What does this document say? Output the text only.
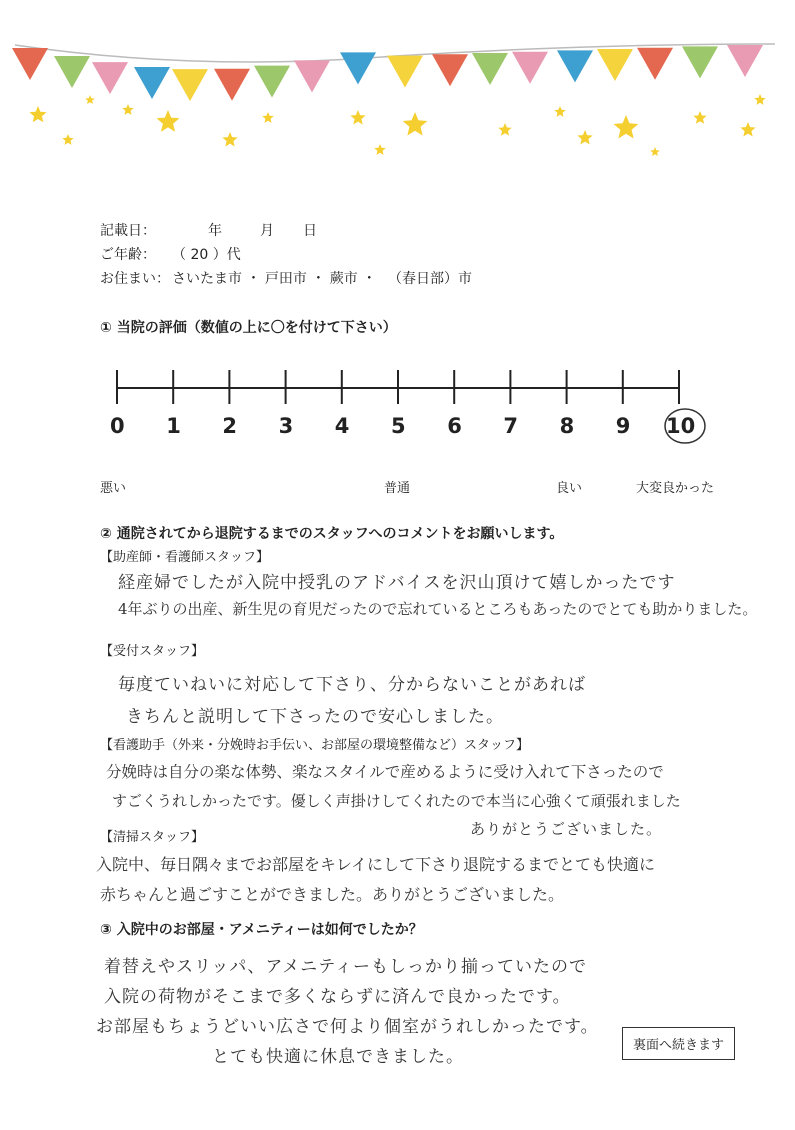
記載日：	年	月 日
ご年齢： （ 20 ）代
お住まい： さいたま市 ・ 戸田市 ・ 蕨市 ・ （春日部）市
① 当院の評価（数値の上に〇を付けて下さい）
0 1 2 3 4 5 6 7 8 9 10
悪い	普通	良い	大変良かった
② 通院されてから退院するまでのスタッフへのコメントをお願いします。
【助産師・看護師スタッフ】
経産婦でしたが入院中授乳のアドバイスを沢山頂けて嬉しかったです
4年ぶりの出産、新生児の育児だったので忘れているところもあったのでとても助かりました。
【受付スタッフ】
毎度ていねいに対応して下さり、分からないことがあれば
きちんと説明して下さったので安心しました。
【看護助手（外来・分娩時お手伝い、お部屋の環境整備など）スタッフ】
分娩時は自分の楽な体勢、楽なスタイルで産めるように受け入れて下さったので
すごくうれしかったです。優しく声掛けしてくれたので本当に心強くて頑張れました
ありがとうございました。
【清掃スタッフ】
入院中、毎日隅々までお部屋をキレイにして下さり退院するまでとても快適に
赤ちゃんと過ごすことができました。ありがとうございました。
③ 入院中のお部屋・アメニティーは如何でしたか？
着替えやスリッパ、アメニティーもしっかり揃っていたので
入院の荷物がそこまで多くならずに済んで良かったです。
お部屋もちょうどいい広さで何より個室がうれしかったです。
とても快適に休息できました。
裏面へ続きます
